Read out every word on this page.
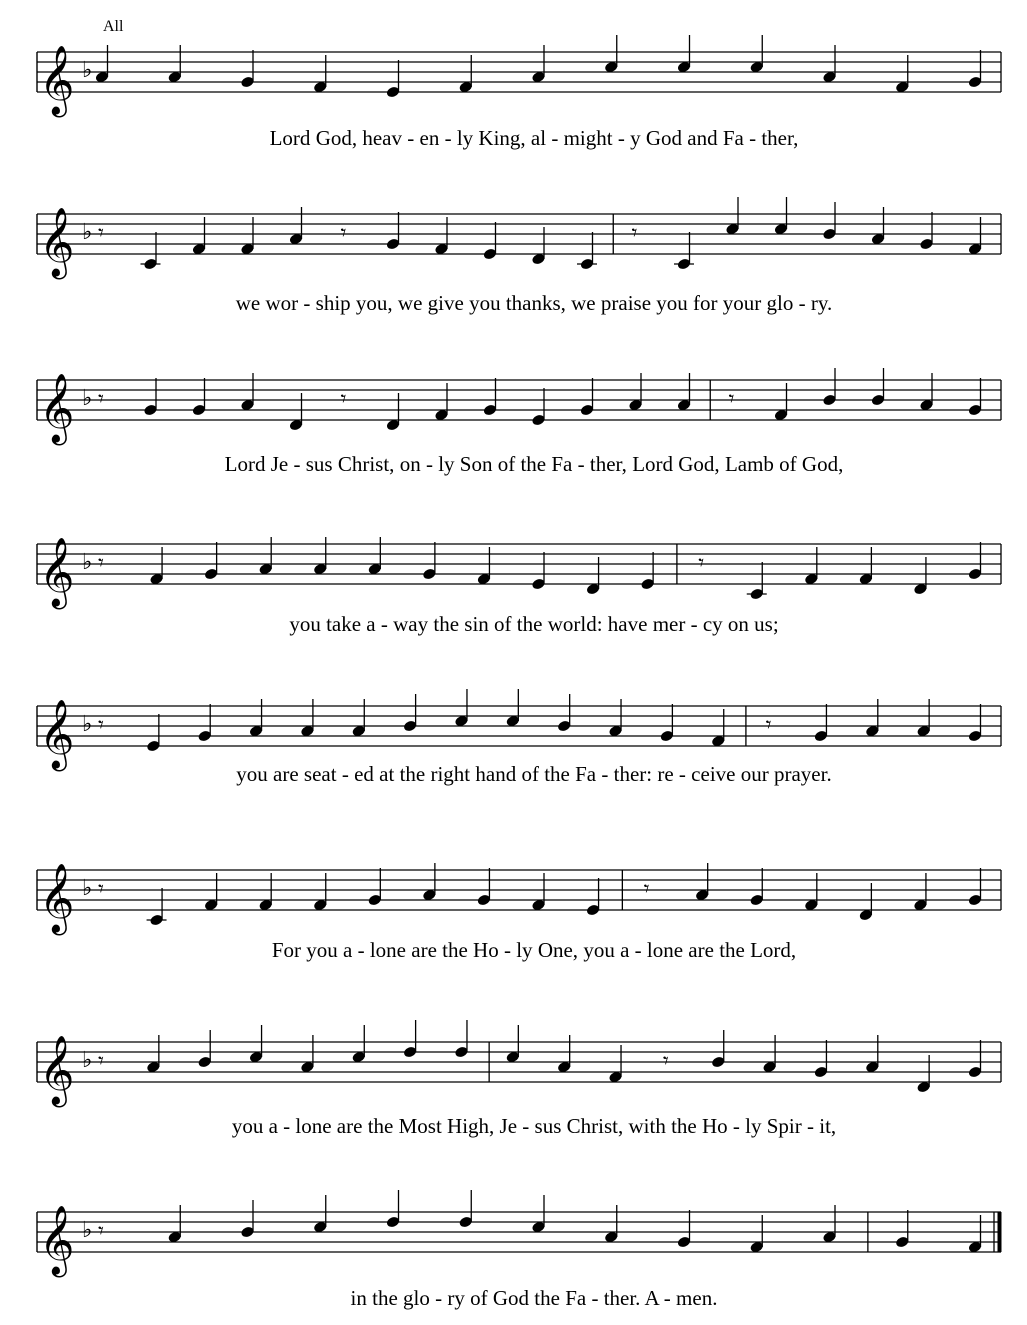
All
𝄞 ♭
Lord God, heav - en - ly King, al - might - y God and Fa - ther,
𝄞 ♭ 𝄾	𝄾	𝄾
we wor - ship you, we give you thanks, we praise you for your glo - ry.
𝄞 ♭ 𝄾	𝄾	𝄾
Lord Je - sus Christ, on - ly Son of the Fa - ther, Lord God, Lamb of God,
𝄞 ♭ 𝄾	𝄾
you take a - way the sin of the world: have mer - cy on us;
𝄞 ♭ 𝄾	𝄾
you are seat - ed at the right hand of the Fa - ther: re - ceive our prayer.
𝄞 ♭ 𝄾	𝄾
For you a - lone are the Ho - ly One, you a - lone are the Lord,
𝄞 ♭ 𝄾	𝄾
you a - lone are the Most High, Je - sus Christ, with the Ho - ly Spir - it,
𝄞 ♭ 𝄾
in the glo - ry of God the Fa - ther. A - men.
